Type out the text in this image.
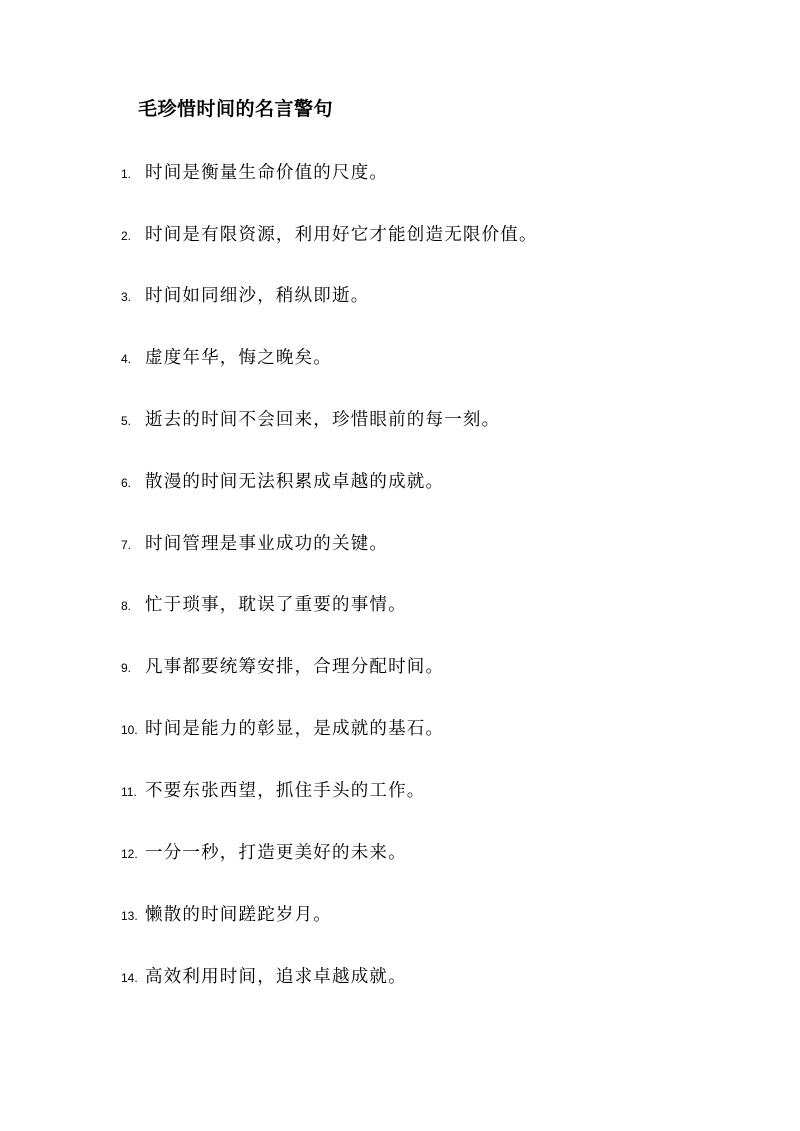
毛珍惜时间的名言警句
1. 时间是衡量生命价值的尺度。
2. 时间是有限资源，利用好它才能创造无限价值。
3. 时间如同细沙，稍纵即逝。
4. 虚度年华，悔之晚矣。
5. 逝去的时间不会回来，珍惜眼前的每一刻。
6. 散漫的时间无法积累成卓越的成就。
7. 时间管理是事业成功的关键。
8. 忙于琐事，耽误了重要的事情。
9. 凡事都要统筹安排，合理分配时间。
10. 时间是能力的彰显，是成就的基石。
11. 不要东张西望，抓住手头的工作。
12. 一分一秒，打造更美好的未来。
13. 懒散的时间蹉跎岁月。
14. 高效利用时间，追求卓越成就。
